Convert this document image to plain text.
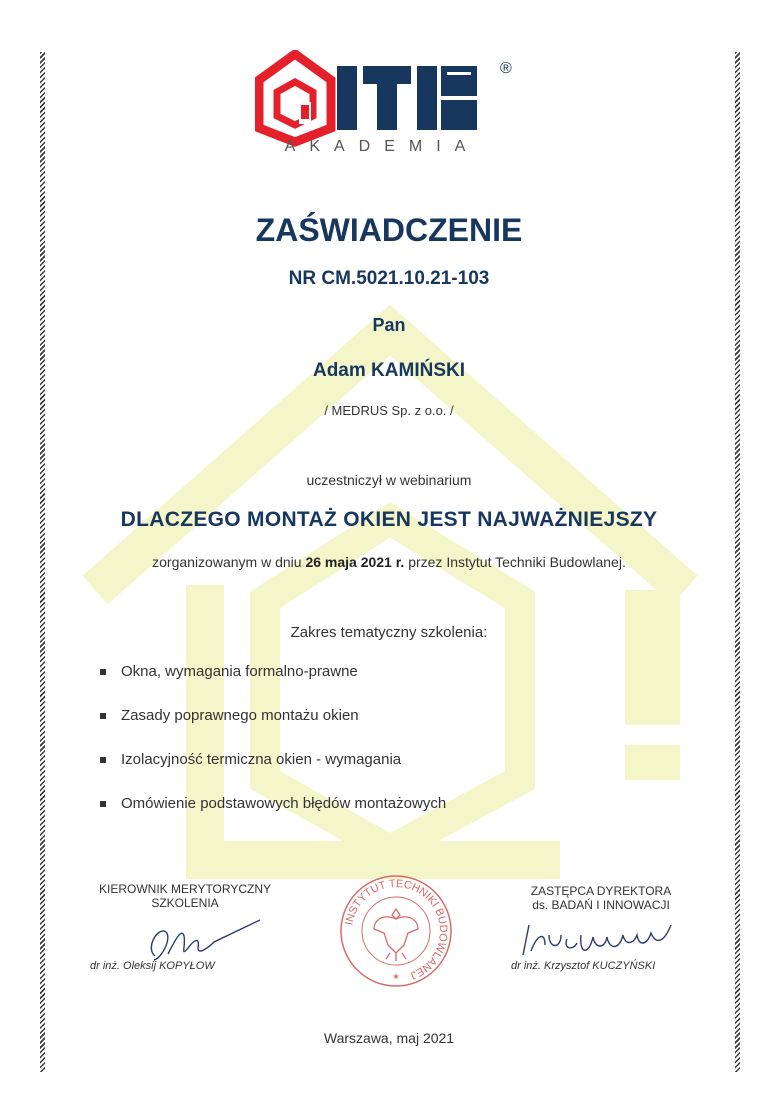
®
AKADEMIA
ZAŚWIADCZENIE
NR CM.5021.10.21-103
Pan
Adam KAMIŃSKI
/ MEDRUS Sp. z o.o. /
uczestniczył w webinarium
DLACZEGO MONTAŻ OKIEN JEST NAJWAŻNIEJSZY
zorganizowanym w dniu 26 maja 2021 r. przez Instytut Techniki Budowlanej.
Zakres tematyczny szkolenia:
Okna, wymagania formalno-prawne
Zasady poprawnego montażu okien
Izolacyjność termiczna okien - wymagania
Omówienie podstawowych błędów montażowych
KIEROWNIK MERYTORYCZNY
SZKOLENIA
ZASTĘPCA DYREKTORA
ds. BADAŃ I INNOWACJI
dr inż. Oleksij KOPYŁOW	dr inż. Krzysztof KUCZYŃSKI
INSTYTUT TECHNIKI BUDOWLANEJ
★
Warszawa, maj 2021
